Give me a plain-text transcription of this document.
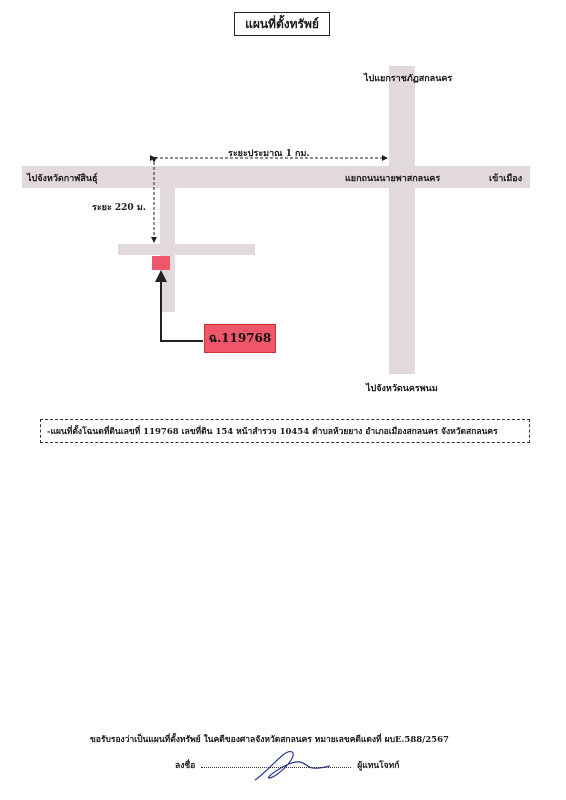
แผนที่ตั้งทรัพย์
ไปแยกราชภัฏสกลนคร
ไปจังหวัดนครพนม
ไปจังหวัดกาฬสินธุ์	เข้าเมือง
แยกถนนนายพาสกลนคร
ระยะประมาณ 1 กม.
ระยะ 220 ม.
ฉ.119768
-แผนที่ตั้งโฉนดที่ดินเลขที่ 119768 เลขที่ดิน 154 หน้าสำรวจ 10454 ตำบลห้วยยาง อำเภอเมืองสกลนคร จังหวัดสกลนคร
ขอรับรองว่าเป็นแผนที่ตั้งทรัพย์ ในคดีของศาลจังหวัดสกลนคร หมายเลขคดีแดงที่ ผบE.588/2567
ลงชื่อ	ผู้แทนโจทก์
